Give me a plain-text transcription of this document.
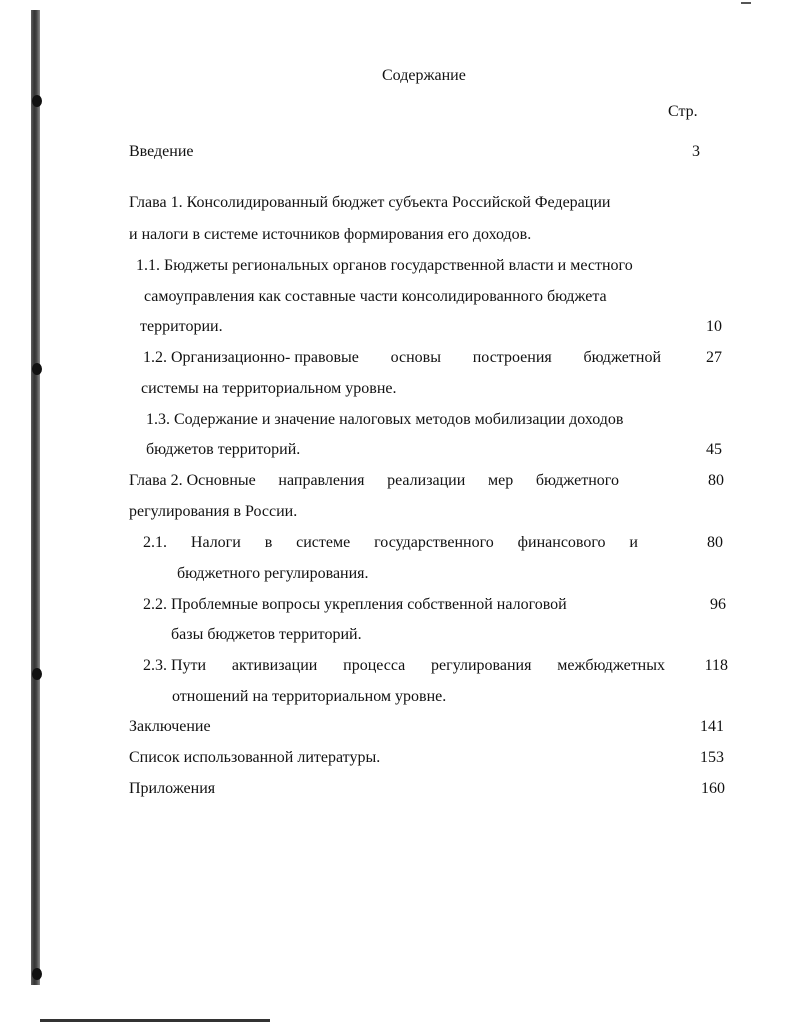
Содержание
Стр.
Введение	3
Глава 1. Консолидированный бюджет субъекта Российской Федерации
и налоги в системе источников формирования его доходов.
1.1. Бюджеты региональных органов государственной власти и местного
самоуправления как составные части консолидированного бюджета
территории.	10
1.2. Организационно- правовые основы построения бюджетной	27
системы на территориальном уровне.
1.3. Содержание и значение налоговых методов мобилизации доходов
бюджетов территорий.	45
Глава 2. Основные направления реализации мер бюджетного	80
регулирования в России.
2.1. Налоги в системе государственного финансового и	80
бюджетного регулирования.
2.2. Проблемные вопросы укрепления собственной налоговой	96
базы бюджетов территорий.
2.3. Пути активизации процесса регулирования межбюджетных	118
отношений на территориальном уровне.
Заключение	141
Список использованной литературы.	153
Приложения	160
